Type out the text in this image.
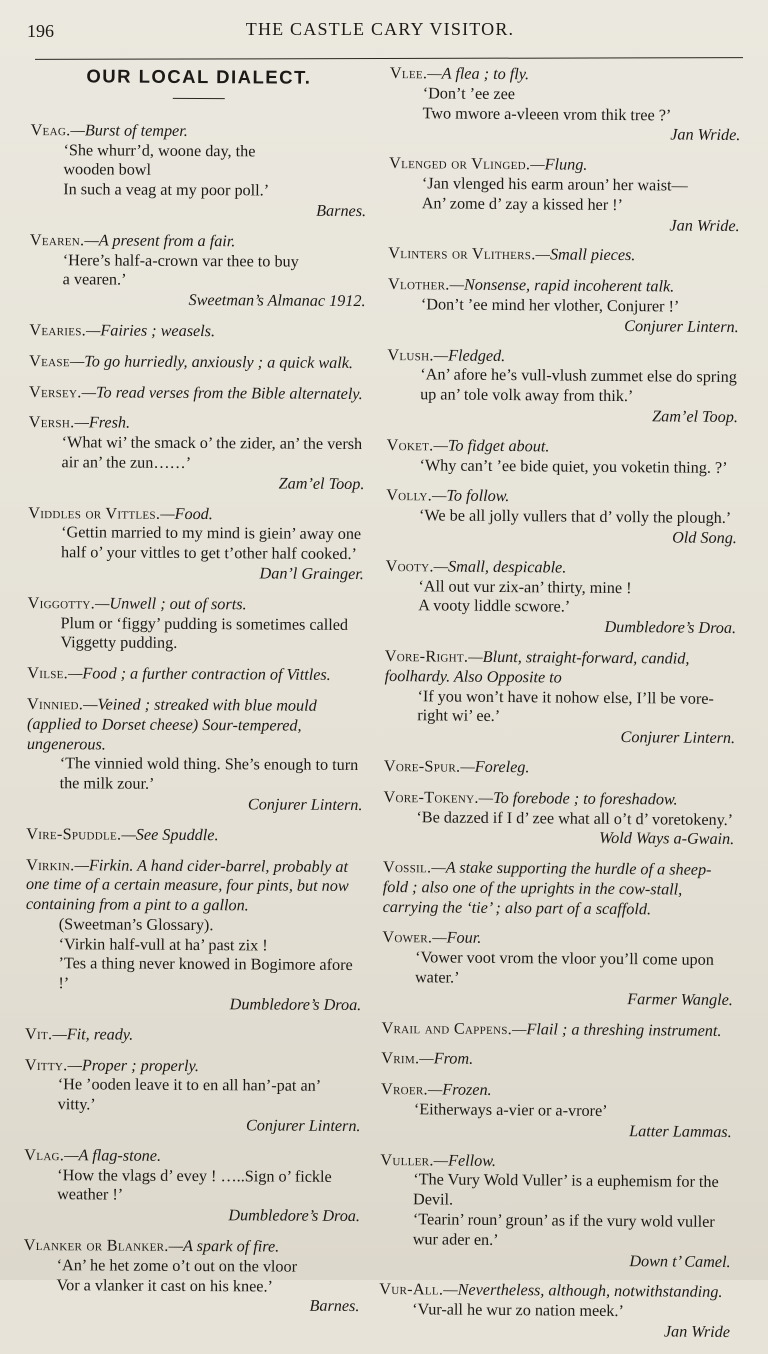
196	THE CASTLE CARY VISITOR.
OUR LOCAL DIALECT.
Veag.—Burst of temper.
‘She whurr’d, woone day, the
wooden bowl
In such a veag at my poor poll.’
Barnes.
Vearen.—A present from a fair.
‘Here’s half-a-crown var thee to buy
a vearen.’
Sweetman’s Almanac 1912.
Vearies.—Fairies ; weasels.
Vease—To go hurriedly, anxiously ; a quick walk.
Versey.—To read verses from the Bible alternately.
Versh.—Fresh.
‘What wi’ the smack o’ the zider, an’ the versh air an’ the zun……’
Zam’el Toop.
Viddles or Vittles.—Food.
‘Gettin married to my mind is giein’ away one half o’ your vittles to get t’other half cooked.’
Dan’l Grainger.
Viggotty.—Unwell ; out of sorts.
Plum or ‘figgy’ pudding is sometimes called Viggetty pudding.
Vilse.—Food ; a further contraction of Vittles.
Vinnied.—Veined ; streaked with blue mould (applied to Dorset cheese) Sour-tempered, ungenerous.
‘The vinnied wold thing. She’s enough to turn the milk zour.’
Conjurer Lintern.
Vire-Spuddle.—See Spuddle.
Virkin.—Firkin. A hand cider-barrel, probably at one time of a certain measure, four pints, but now containing from a pint to a gallon.
(Sweetman’s Glossary).
‘Virkin half-vull at ha’ past zix !
’Tes a thing never knowed in Bogimore afore !’
Dumbledore’s Droa.
Vit.—Fit, ready.
Vitty.—Proper ; properly.
‘He ’ooden leave it to en all han’-pat an’ vitty.’
Conjurer Lintern.
Vlag.—A flag-stone.
‘How the vlags d’ evey ! …..Sign o’ fickle weather !’
Dumbledore’s Droa.
Vlanker or Blanker.—A spark of fire.
‘An’ he het zome o’t out on the vloor
Vor a vlanker it cast on his knee.’
Barnes.
Vlee.—A flea ; to fly.
‘Don’t ’ee zee
Two mwore a-vleeen vrom thik tree ?’
Jan Wride.
Vlenged or Vlinged.—Flung.
‘Jan vlenged his earm aroun’ her waist—
An’ zome d’ zay a kissed her !’
Jan Wride.
Vlinters or Vlithers.—Small pieces.
Vlother.—Nonsense, rapid incoherent talk.
‘Don’t ’ee mind her vlother, Conjurer !’
Conjurer Lintern.
Vlush.—Fledged.
‘An’ afore he’s vull-vlush zummet else do spring up an’ tole volk away from thik.’
Zam’el Toop.
Voket.—To fidget about.
‘Why can’t ’ee bide quiet, you voketin thing. ?’
Volly.—To follow.
‘We be all jolly vullers that d’ volly the plough.’
Old Song.
Vooty.—Small, despicable.
‘All out vur zix-an’ thirty, mine !
A vooty liddle scwore.’
Dumbledore’s Droa.
Vore-Right.—Blunt, straight-forward, candid, foolhardy. Also Opposite to
‘If you won’t have it nohow else, I’ll be vore-right wi’ ee.’
Conjurer Lintern.
Vore-Spur.—Foreleg.
Vore-Tokeny.—To forebode ; to foreshadow.
‘Be dazzed if I d’ zee what all o’t d’ voretokeny.’
Wold Ways a-Gwain.
Vossil.—A stake supporting the hurdle of a sheep-fold ; also one of the uprights in the cow-stall, carrying the ‘tie’ ; also part of a scaffold.
Vower.—Four.
‘Vower voot vrom the vloor you’ll come upon water.’
Farmer Wangle.
Vrail and Cappens.—Flail ; a threshing instrument.
Vrim.—From.
Vroer.—Frozen.
‘Eitherways a-vier or a-vrore’
Latter Lammas.
Vuller.—Fellow.
‘The Vury Wold Vuller’ is a euphemism for the Devil.
‘Tearin’ roun’ groun’ as if the vury wold vuller wur ader en.’
Down t’ Camel.
Vur-All.—Nevertheless, although, notwithstanding.
‘Vur-all he wur zo nation meek.’
Jan Wride
